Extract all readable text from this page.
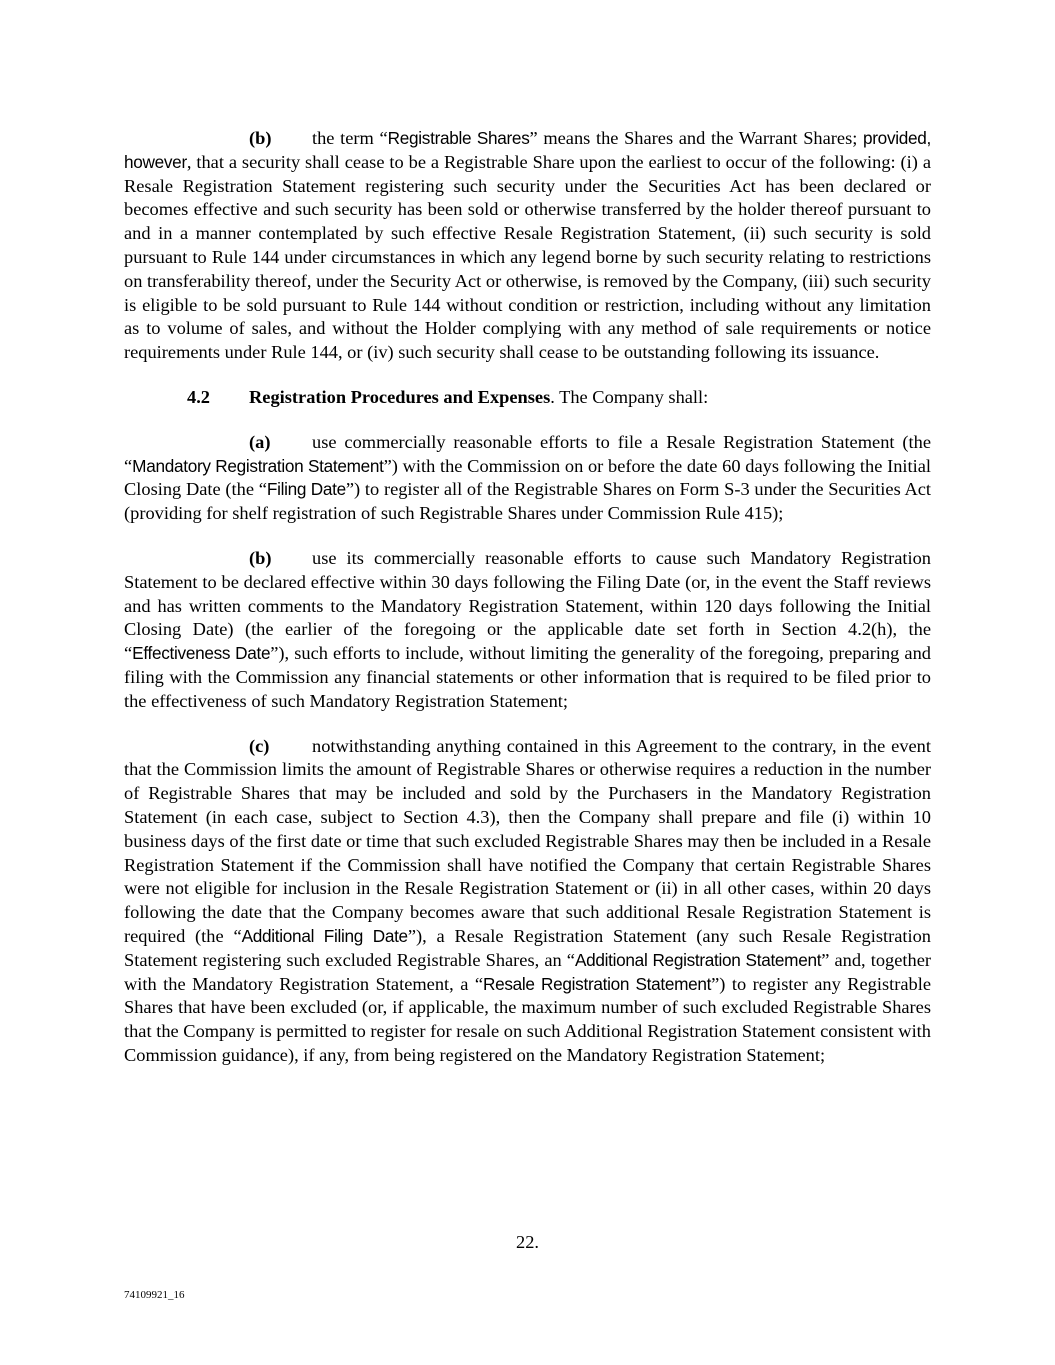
(b) the term “Registrable Shares” means the Shares and the Warrant Shares; provided, however, that a security shall cease to be a Registrable Share upon the earliest to occur of the following: (i) a Resale Registration Statement registering such security under the Securities Act has been declared or becomes effective and such security has been sold or otherwise transferred by the holder thereof pursuant to and in a manner contemplated by such effective Resale Registration Statement, (ii) such security is sold pursuant to Rule 144 under circumstances in which any legend borne by such security relating to restrictions on transferability thereof, under the Security Act or otherwise, is removed by the Company, (iii) such security is eligible to be sold pursuant to Rule 144 without condition or restriction, including without any limitation as to volume of sales, and without the Holder complying with any method of sale requirements or notice requirements under Rule 144, or (iv) such security shall cease to be outstanding following its issuance.

4.2 Registration Procedures and Expenses. The Company shall:

(a) use commercially reasonable efforts to file a Resale Registration Statement (the “Mandatory Registration Statement”) with the Commission on or before the date 60 days following the Initial Closing Date (the “Filing Date”) to register all of the Registrable Shares on Form S-3 under the Securities Act (providing for shelf registration of such Registrable Shares under Commission Rule 415);

(b) use its commercially reasonable efforts to cause such Mandatory Registration Statement to be declared effective within 30 days following the Filing Date (or, in the event the Staff reviews and has written comments to the Mandatory Registration Statement, within 120 days following the Initial Closing Date) (the earlier of the foregoing or the applicable date set forth in Section 4.2(h), the “Effectiveness Date”), such efforts to include, without limiting the generality of the foregoing, preparing and filing with the Commission any financial statements or other information that is required to be filed prior to the effectiveness of such Mandatory Registration Statement;

(c) notwithstanding anything contained in this Agreement to the contrary, in the event that the Commission limits the amount of Registrable Shares or otherwise requires a reduction in the number of Registrable Shares that may be included and sold by the Purchasers in the Mandatory Registration Statement (in each case, subject to Section 4.3), then the Company shall prepare and file (i) within 10 business days of the first date or time that such excluded Registrable Shares may then be included in a Resale Registration Statement if the Commission shall have notified the Company that certain Registrable Shares were not eligible for inclusion in the Resale Registration Statement or (ii) in all other cases, within 20 days following the date that the Company becomes aware that such additional Resale Registration Statement is required (the “Additional Filing Date”), a Resale Registration Statement (any such Resale Registration Statement registering such excluded Registrable Shares, an “Additional Registration Statement” and, together with the Mandatory Registration Statement, a “Resale Registration Statement”) to register any Registrable Shares that have been excluded (or, if applicable, the maximum number of such excluded Registrable Shares that the Company is permitted to register for resale on such Additional Registration Statement consistent with Commission guidance), if any, from being registered on the Mandatory Registration Statement;

22.
74109921_16
